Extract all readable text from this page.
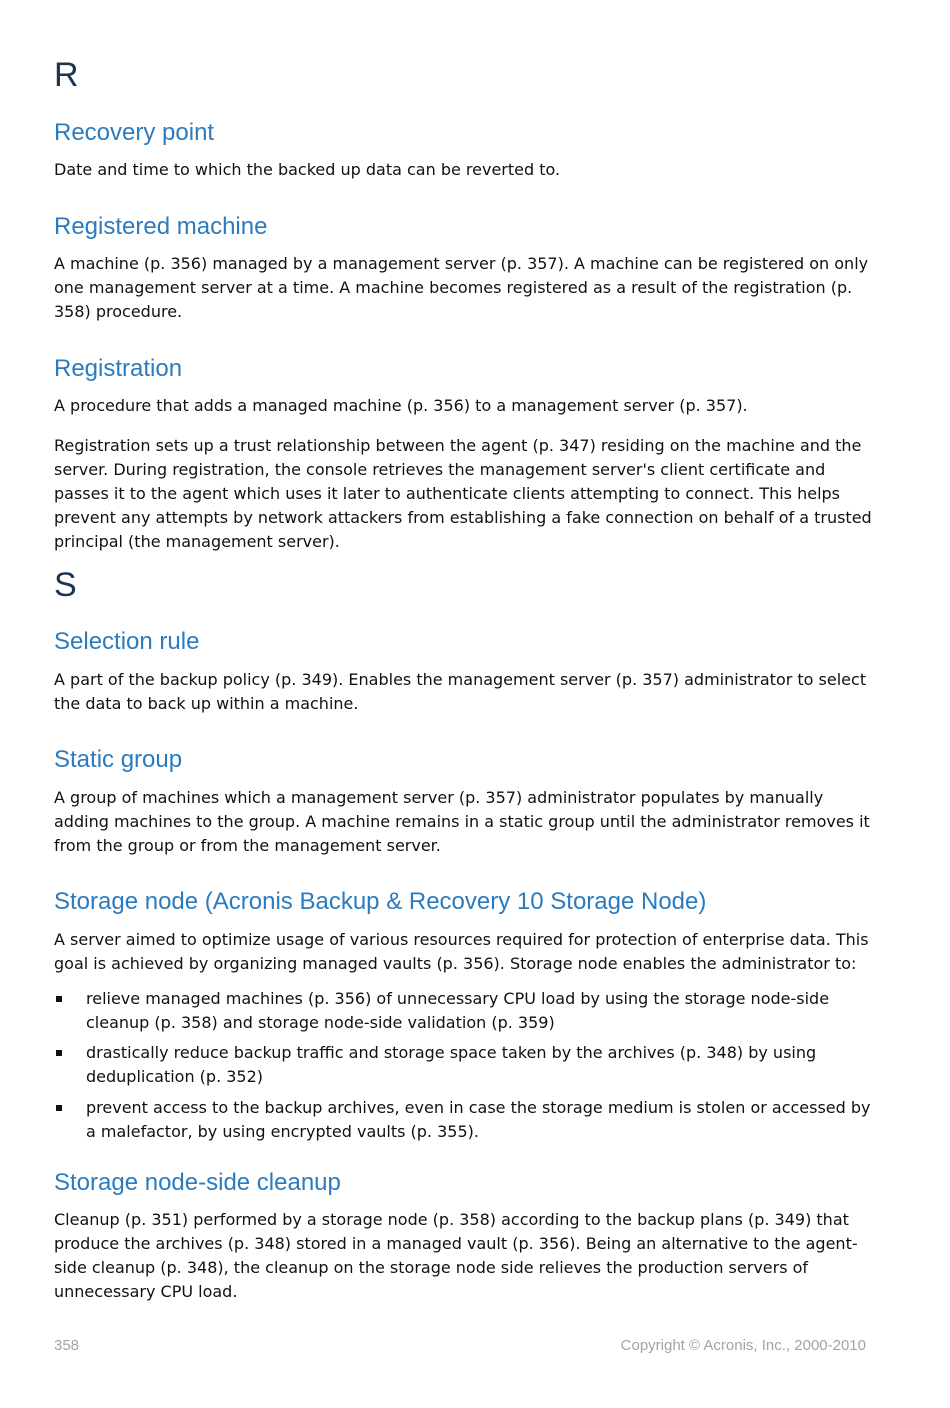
R
Recovery point

Date and time to which the backed up data can be reverted to.

Registered machine

A machine (p. 356) managed by a management server (p. 357). A machine can be registered on only one management server at a time. A machine becomes registered as a result of the registration (p. 358) procedure.

Registration

A procedure that adds a managed machine (p. 356) to a management server (p. 357).

Registration sets up a trust relationship between the agent (p. 347) residing on the machine and the server. During registration, the console retrieves the management server's client certificate and passes it to the agent which uses it later to authenticate clients attempting to connect. This helps prevent any attempts by network attackers from establishing a fake connection on behalf of a trusted principal (the management server).

S
Selection rule

A part of the backup policy (p. 349). Enables the management server (p. 357) administrator to select the data to back up within a machine.

Static group

A group of machines which a management server (p. 357) administrator populates by manually adding machines to the group. A machine remains in a static group until the administrator removes it from the group or from the management server.

Storage node (Acronis Backup & Recovery 10 Storage Node)

A server aimed to optimize usage of various resources required for protection of enterprise data. This goal is achieved by organizing managed vaults (p. 356). Storage node enables the administrator to:

relieve managed machines (p. 356) of unnecessary CPU load by using the storage node-side cleanup (p. 358) and storage node-side validation (p. 359)
drastically reduce backup traffic and storage space taken by the archives (p. 348) by using deduplication (p. 352)
prevent access to the backup archives, even in case the storage medium is stolen or accessed by a malefactor, by using encrypted vaults (p. 355).
Storage node-side cleanup

Cleanup (p. 351) performed by a storage node (p. 358) according to the backup plans (p. 349) that produce the archives (p. 348) stored in a managed vault (p. 356). Being an alternative to the agent-side cleanup (p. 348), the cleanup on the storage node side relieves the production servers of unnecessary CPU load.

358	Copyright © Acronis, Inc., 2000-2010
